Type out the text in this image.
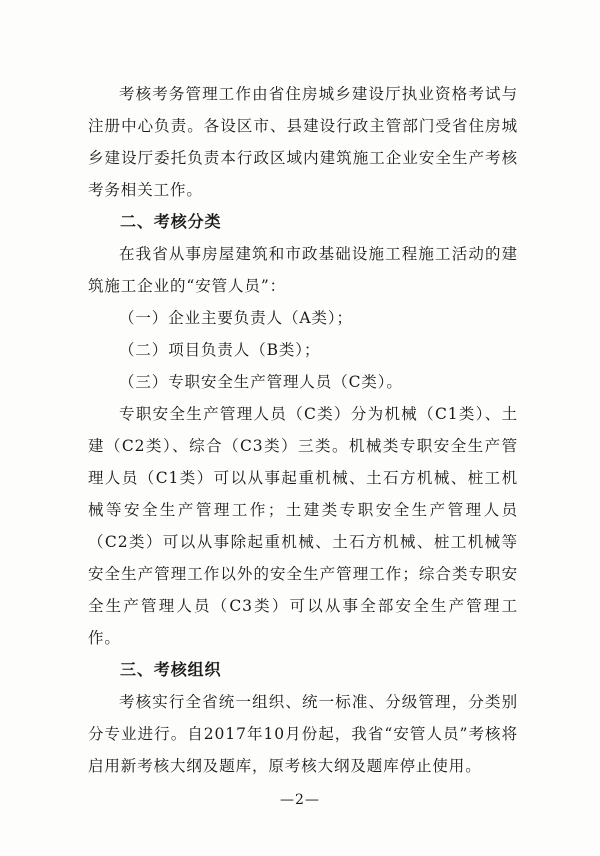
考核考务管理工作由省住房城乡建设厅执业资格考试与注册中心负责。各设区市、县建设行政主管部门受省住房城乡建设厅委托负责本行政区域内建筑施工企业安全生产考核考务相关工作。

二、考核分类

在我省从事房屋建筑和市政基础设施工程施工活动的建筑施工企业的“安管人员”：

（一）企业主要负责人（A类）；

（二）项目负责人（B类）；

（三）专职安全生产管理人员（C类）。

专职安全生产管理人员（C类）分为机械（C1类）、土建（C2类）、综合（C3类）三类。机械类专职安全生产管理人员（C1类）可以从事起重机械、土石方机械、桩工机械等安全生产管理工作；土建类专职安全生产管理人员（C2类）可以从事除起重机械、土石方机械、桩工机械等安全生产管理工作以外的安全生产管理工作；综合类专职安全生产管理人员（C3类）可以从事全部安全生产管理工作。

三、考核组织

考核实行全省统一组织、统一标准、分级管理，分类别分专业进行。自2017年10月份起，我省“安管人员”考核将启用新考核大纲及题库，原考核大纲及题库停止使用。

—2—
